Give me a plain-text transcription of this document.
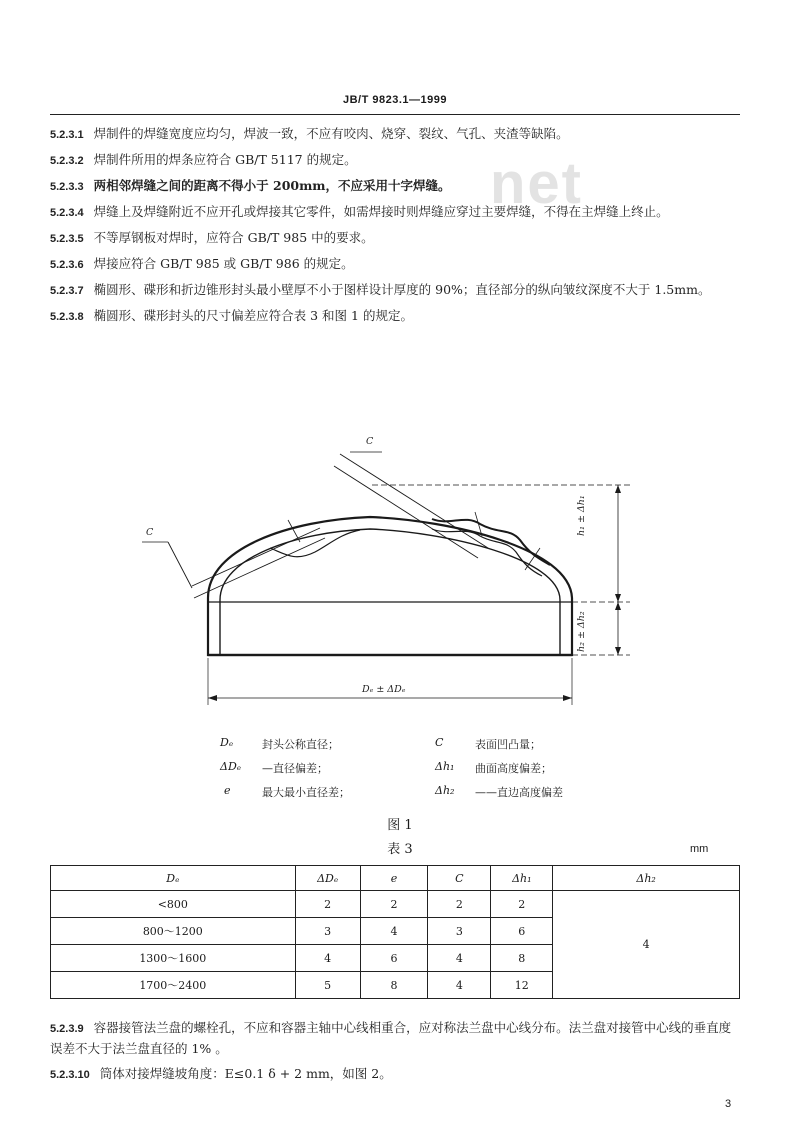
net
JB/T 9823.1—1999
5.2.3.1 焊制件的焊缝宽度应均匀，焊波一致，不应有咬肉、烧穿、裂纹、气孔、夹渣等缺陷。
5.2.3.2 焊制件所用的焊条应符合 GB/T 5117 的规定。
5.2.3.3 两相邻焊缝之间的距离不得小于 200mm，不应采用十字焊缝。
5.2.3.4 焊缝上及焊缝附近不应开孔或焊接其它零件，如需焊接时则焊缝应穿过主要焊缝，不得在主焊缝上终止。
5.2.3.5 不等厚钢板对焊时，应符合 GB/T 985 中的要求。
5.2.3.6 焊接应符合 GB/T 985 或 GB/T 986 的规定。
5.2.3.7 椭圆形、碟形和折边锥形封头最小壁厚不小于图样设计厚度的 90%；直径部分的纵向皱纹深度不大于 1.5mm。
5.2.3.8 椭圆形、碟形封头的尺寸偏差应符合表 3 和图 1 的规定。
C
C	h₁ ± Δh₁
h₂ ± Δh₂
Dₑ ± ΔDₑ
Dₑ	封头公称直径；	C	表面凹凸量；
ΔDₑ —直径偏差；	Δh₁ 曲面高度偏差；
e	最大最小直径差；	Δh₂ ——直边高度偏差
图 1
表 3	mm
Dₑ	ΔDₑ	e	C	Δh₁	Δh₂
<800	2	2	2	2	4
800～1200	3	4	3	6	
1300～1600	4	6	4	8	
1700～2400	5	8	4	12	
5.2.3.9 容器接管法兰盘的螺栓孔，不应和容器主轴中心线相重合，应对称法兰盘中心线分布。法兰盘对接管中心线的垂直度误差不大于法兰盘直径的 1% 。
5.2.3.10 筒体对接焊缝坡角度：E≤0.1 δ + 2 mm，如图 2。
3
